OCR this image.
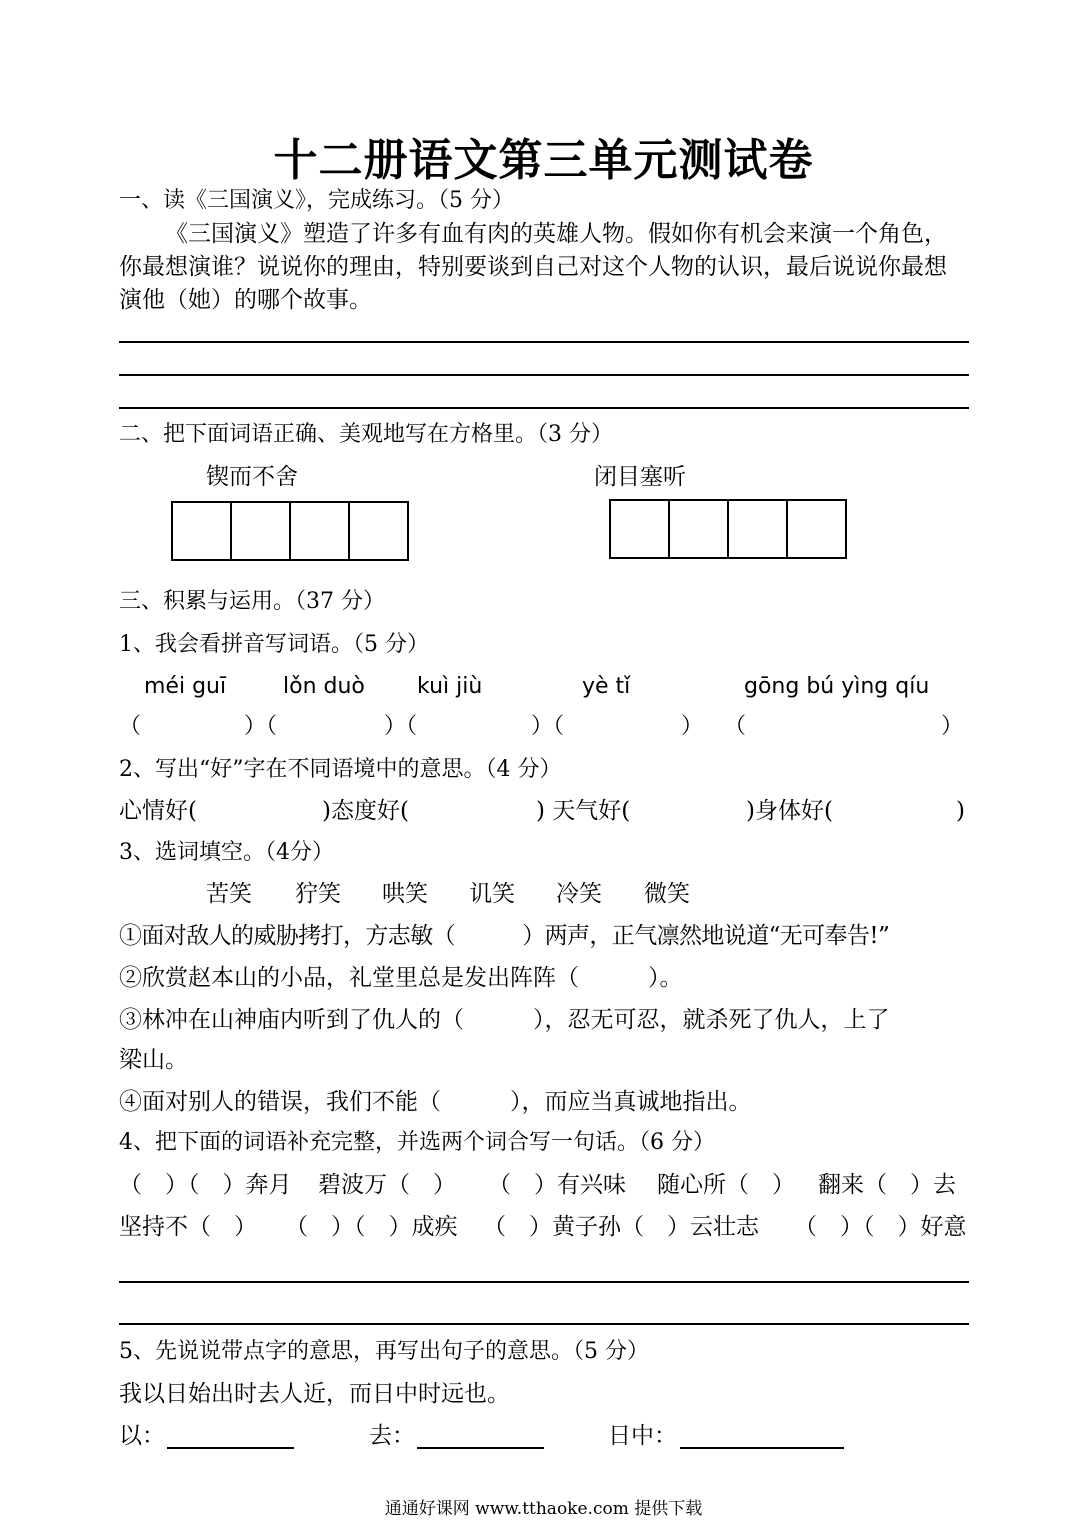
十二册语文第三单元测试卷
一、读《三国演义》，完成练习。（5 分）
《三国演义》塑造了许多有血有肉的英雄人物。假如你有机会来演一个角色，你最想演谁？说说你的理由，特别要谈到自己对这个人物的认识，最后说说你最想演他（她）的哪个故事。
二、把下面词语正确、美观地写在方格里。（3 分）
锲而不舍	闭目塞听
三、积累与运用。（37 分）
1、我会看拼音写词语。（5 分）
méi guī	lǒn duò kuì jiù	yè tǐ	gōng bú yìng qíu
（	）（	）（	）（	） （	）
2、写出“好”字在不同语境中的意思。（4 分）
心情好(	)态度好(	) 天气好(	)身体好(	)
3、选词填空。（4分）
苦笑 狞笑 哄笑 讥笑 冷笑 微笑
①面对敌人的威胁拷打，方志敏（　　　）两声，正气凛然地说道“无可奉告!”
②欣赏赵本山的小品，礼堂里总是发出阵阵（　　　）。
③林冲在山神庙内听到了仇人的（　　　），忍无可忍，就杀死了仇人，上了
梁山。
④面对别人的错误，我们不能（　　　），而应当真诚地指出。
4、把下面的词语补充完整，并选两个词合写一句话。（6 分）
（　）（　）奔月 碧波万（　） （　）有兴味 随心所（　） 翻来（　）去
坚持不（　） （　）（　）成疾 （　）黄子孙（　）云壮志 （　）（　）好意
5、先说说带点字的意思，再写出句子的意思。（5 分）
我以日始出时去人近，而日中时远也。
以：	去：	日中：
通通好课网 www.tthaoke.com 提供下载
